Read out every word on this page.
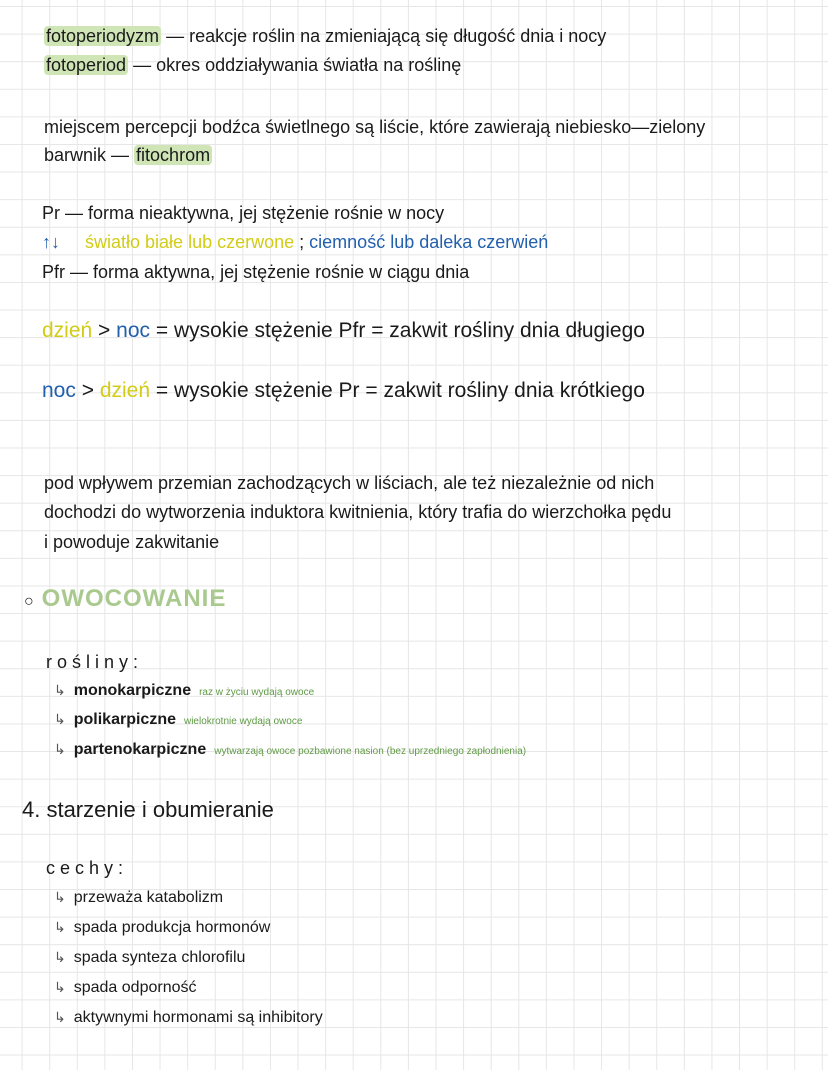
fotoperiodyzm — reakcje roślin na zmieniającą się długość dnia i nocy
fotoperiod — okres oddziaływania światła na roślinę
miejscem percepcji bodźca świetlnego są liście, które zawierają niebiesko—zielony
barwnik — fitochrom
Pr — forma nieaktywna, jej stężenie rośnie w nocy
↑↓ światło białe lub czerwone ; ciemność lub daleka czerwień
Pfr — forma aktywna, jej stężenie rośnie w ciągu dnia
dzień > noc = wysokie stężenie Pfr = zakwit rośliny dnia długiego
noc > dzień = wysokie stężenie Pr = zakwit rośliny dnia krótkiego
pod wpływem przemian zachodzących w liściach, ale też niezależnie od nich
dochodzi do wytworzenia induktora kwitnienia, który trafia do wierzchołka pędu
i powoduje zakwitanie
○ OWOCOWANIE
rośliny:
↳ monokarpiczne raz w życiu wydają owoce
↳ polikarpiczne wielokrotnie wydają owoce
↳ partenokarpiczne wytwarzają owoce pozbawione nasion (bez uprzedniego zapłodnienia)
4. starzenie i obumieranie
cechy:
↳ przeważa katabolizm
↳ spada produkcja hormonów
↳ spada synteza chlorofilu
↳ spada odporność
↳ aktywnymi hormonami są inhibitory
